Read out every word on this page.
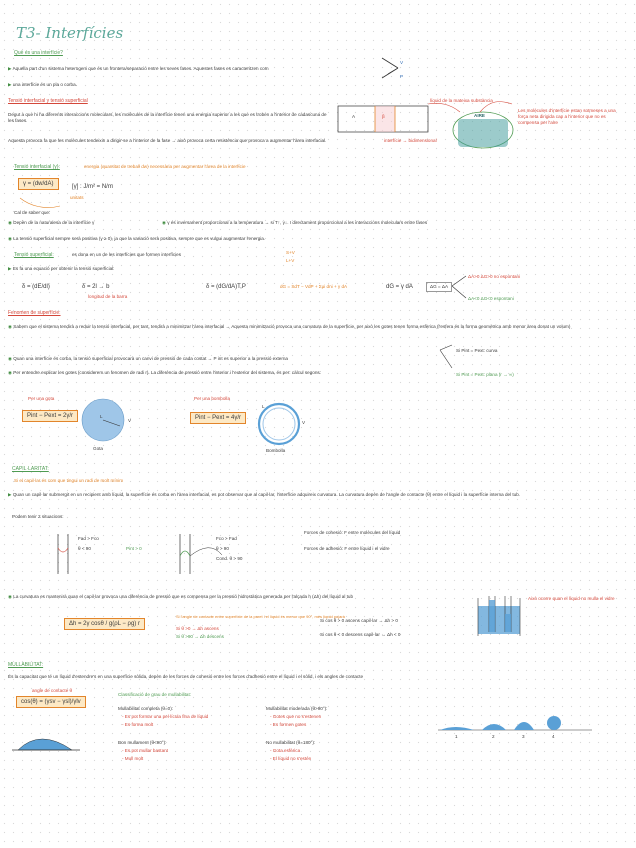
T3- Interfícies
Què és una interfície?
▶ Aquella part d'un sistema heterogeni que és un frontera/separació entre les seves fases. Aquestes fases es caracteritzen com
▶ una interfície és un pla o corba.
V
P
Tensió interfacial y tensió superficial
Degut a que hi ha diferents interaccions moleculars, les molècules de la interfície tenen una energia superior a les que es troben a l'interior de cadascuna de les fases.
Aquesta provoca fa que les molècules tendeixin a dirigir-se a l'interior de la fase → això provoca certa resistència que provoca a augmentar l'àrea interfacial.
A	β
interfície → bidimensional
AIRE
líquid de la mateixa substància
Les molècules d'interfície estan sotmeses a una força neta dirigida cap a l'interior que no es compensa per l'aire
Tensió interfacial (γ):	energia (quantitat de treball dw) necessària per augmentar l'àrea de la interfície
γ = (dw/dA)	[γ] : J/m² = N/m
unitats
Cal de saber que:
◉ Depèn de la naturalesa de la interfície γ	◉ γ és inversament proporcional a la temperatura → si T↑, γ↓. I directament proporcional a les interaccions moleculars entre fases
◉ La tensió superficial sempre serà positiva (γ ≥ 0), ja que la variació serà positiva, sempre que es vulgui augmentar l'energia.
Tensió superficial:	es dona en un de les interfícies que formen interfícies	S+V
L+V
▶ Es fa una equació per obtenir la tensió superficial:
δ = (dE/dl)	δ = 2l → b
longitud de la barra
δ = (dG/dA)T,P	dG = SdT − VdP + Σμi dni + γ dA	dG = γ dA	ΔG = ΔA
ΔA>0 ΔG>0 no espontani
ΔA<0 ΔG<0 espontani
Fenomen de superfície:
◉ Sabem que el sistema tendirà a reduir la tensió interfacial, per tant, tendirà a minimitzar l'àrea interfacial → Aquesta minimització provoca una curvatura de la superfície, per això les gotes tenen forma esfèrica (l'esfera és la forma geomètrica amb menor àrea donat un volum)
◉ Quan una interfície és corba, la tensió superficial provocarà un canvi de pressió de cada costat → P int es superior a la pressió externa
◉ Per entendre explicar les gotes (considerem un fenomen de radi r). La diferència de pressió entre l'interior i l'exterior del sistema, és per: càlcul segons:
Si Pint = Pext: curva
Si Pint = Pext: plana (r → ∞)
Per una gota	Per una bombolla
Pint − Pext = 2γ/r	Pint − Pext = 4γ/r
Gota	Bombolla
V
L
V
L
CAPIL·LARITAT:
Si el capil·lar és com que tingui un radi de molt mínim
▶ Quan un capil·lar submergit en un recipient amb líquid, la superfície és corba en l'àrea interfacial, es pot observar que al capil·lar, l'interfície adquireix curvatura. La curvatura depèn de l'angle de contacte (θ) entre el líquid i la superfície interna del tub.
Podem tenir 2 situacions:
Fad > Fco
θ < 90	Pint > 0
Fco > Fad
θ > 90
Cond. θ > 90
Forces de cohesió: F entre molècules del líquid
Forces de adhesió: F entre líquid i el vidre
◉ La curvatura es mantenirà quan el capil·lar provoca una diferència de pressió que es compensa per la pressió hidrostàtica generada per l'alçada h (Δh) del líquid al tub
Δh = 2γ cosθ / g(ρL − ρg) r
Si l'angle de contacte entre superfície de la paret i el líquid és menor que 90°, més líquid pujarà
Si θ >0 → Δh ascens
Si θ >90 → Δh descens
Si cos θ > 0 ascens capil·lar → Δh > 0
Si cos θ < 0 descens capil·lar → Δh < 0
Això ocorre quan el líquid no mulla el vidre
MULLABILITAT:
És la capacitat que té un líquid d'estendre's en una superfície sòlida, depèn de les forces de cohesió entre les forces d'adhesió entre el líquid i el sòlid, i els angles de contacte
angle de contacte θ
cos(θ) = (γsv − γsl)/γlv
Classificació de grau de mullabilitat:
Mullabilitat completa (θ=0):
- Es pot formar una pel·lícula fina de líquid
- Es forma molt
Bon mullament (θ<90°):
- Es pot mullar bastant
- Mull molt
Mullabilitat moderada (θ>90°):
- Gotes que no s'estenen
- Es formen gotes
No mullabilitat (θ=180°):
- Gota esfèrica
- El líquid no s'estén
1	2	3	4
